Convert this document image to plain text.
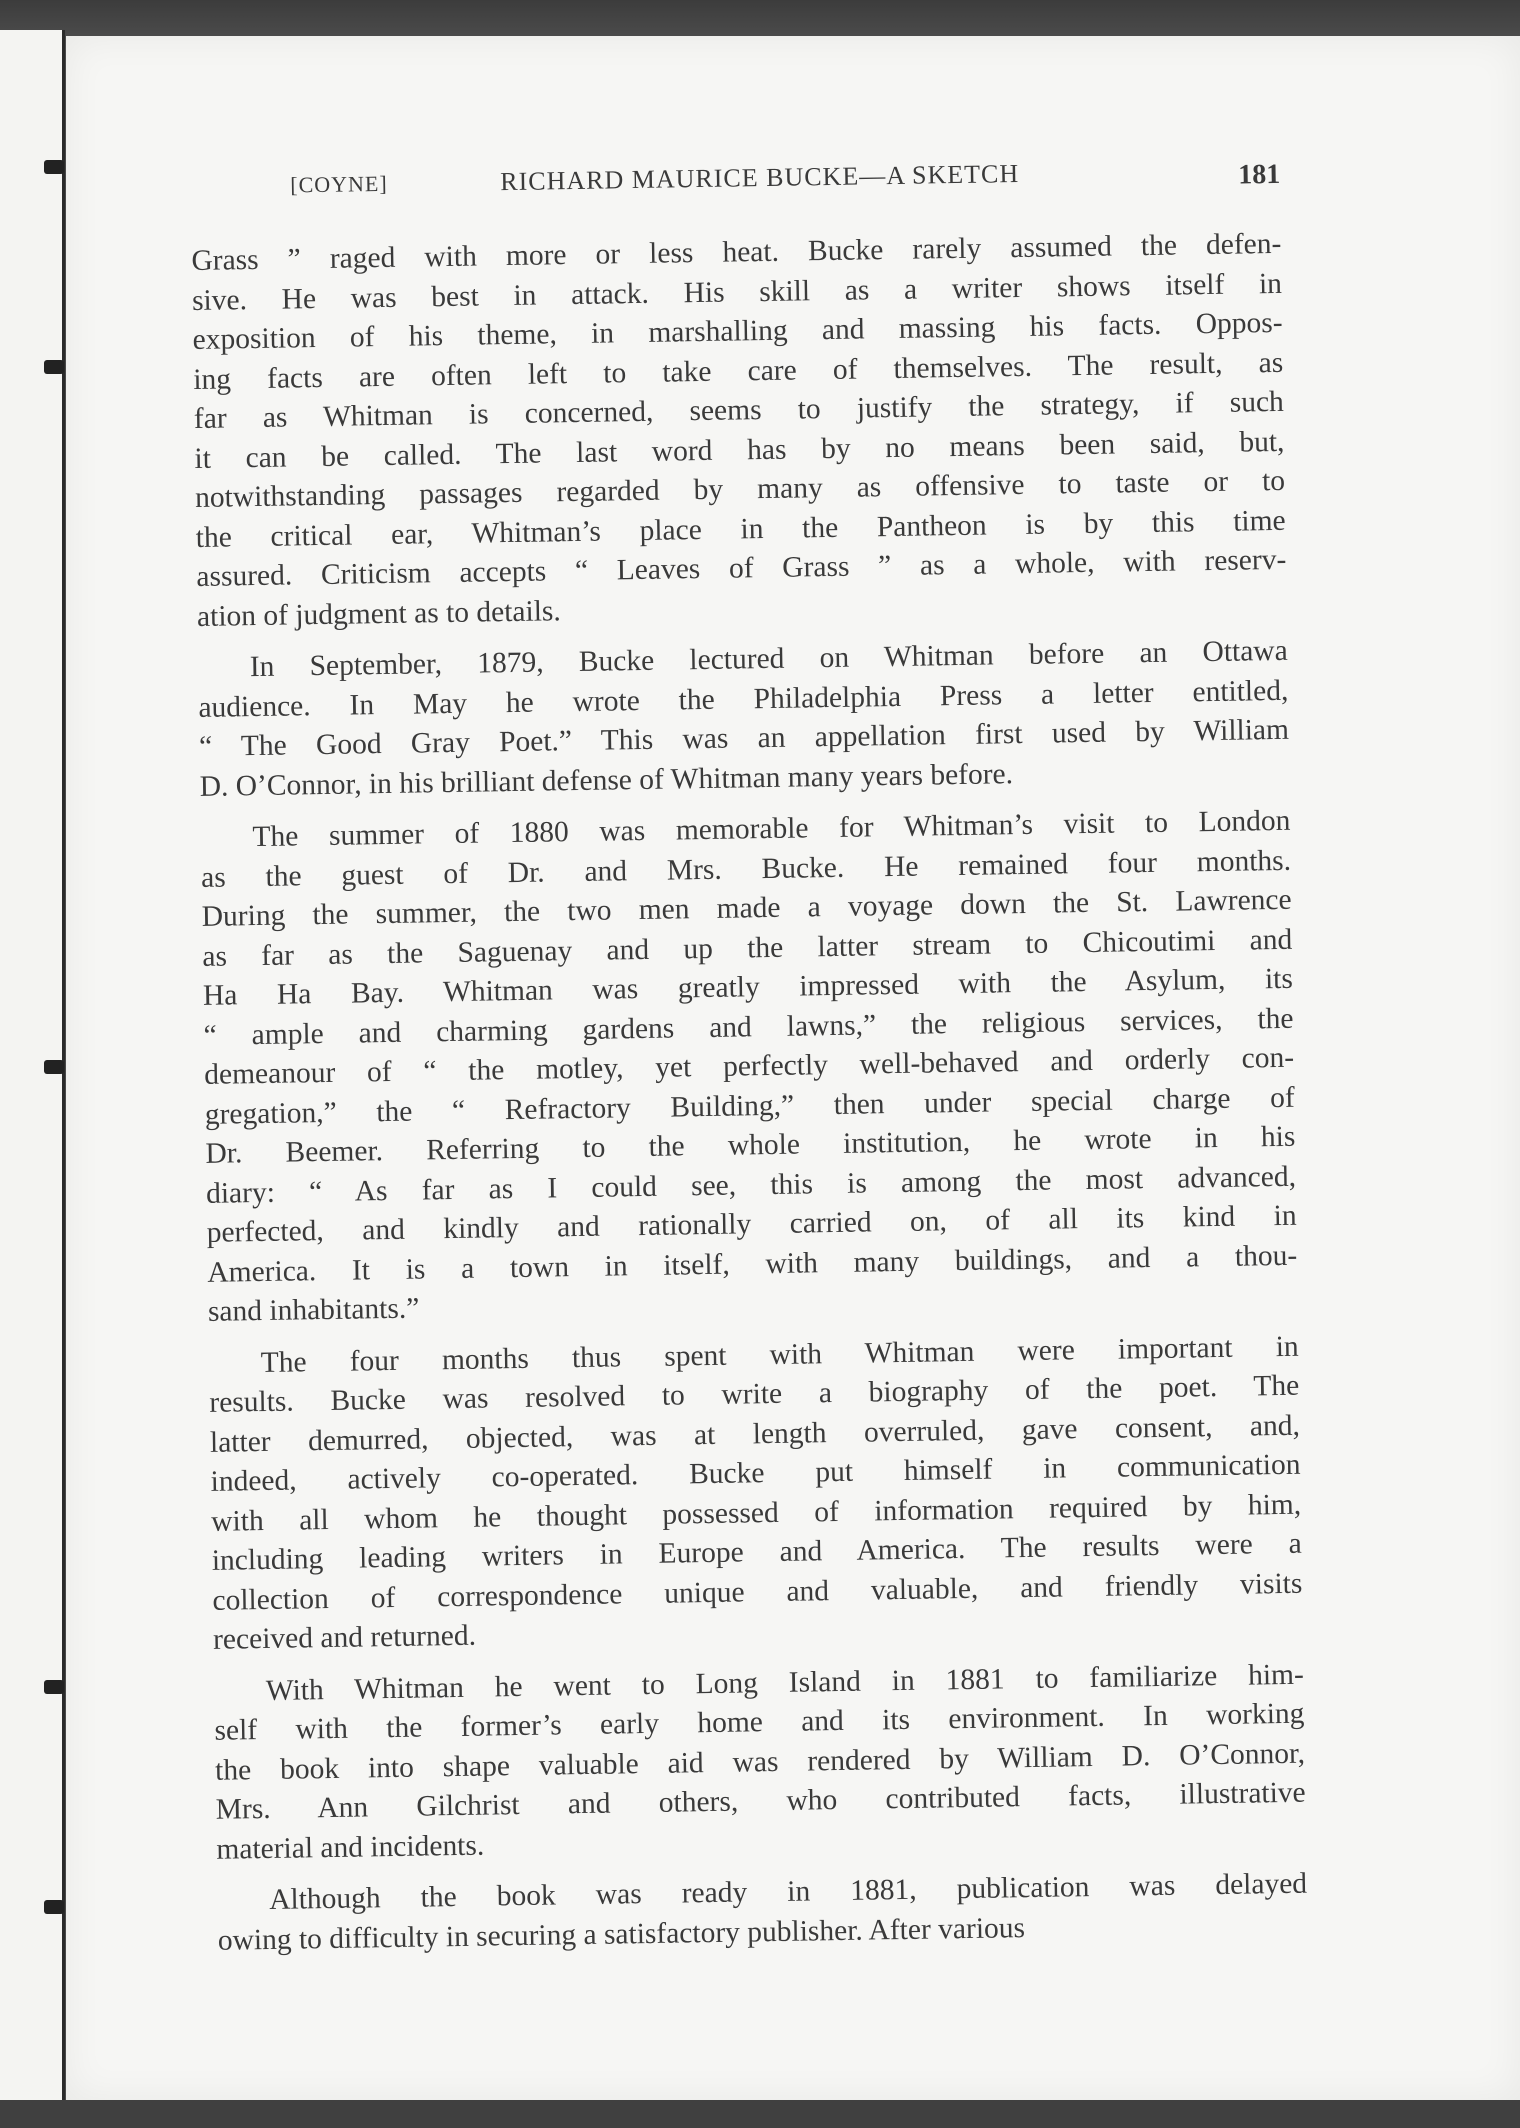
[COYNE]	RICHARD MAURICE BUCKE—A SKETCH	181

Grass ” raged with more or less heat. Bucke rarely assumed the defen-
sive. He was best in attack. His skill as a writer shows itself in
exposition of his theme, in marshalling and massing his facts. Oppos-
ing facts are often left to take care of themselves. The result, as
far as Whitman is concerned, seems to justify the strategy, if such
it can be called. The last word has by no means been said, but,
notwithstanding passages regarded by many as offensive to taste or to
the critical ear, Whitman’s place in the Pantheon is by this time
assured. Criticism accepts “ Leaves of Grass ” as a whole, with reserv-
ation of judgment as to details.

In September, 1879, Bucke lectured on Whitman before an Ottawa
audience. In May he wrote the Philadelphia Press a letter entitled,
“ The Good Gray Poet.” This was an appellation first used by William
D. O’Connor, in his brilliant defense of Whitman many years before.

The summer of 1880 was memorable for Whitman’s visit to London
as the guest of Dr. and Mrs. Bucke. He remained four months.
During the summer, the two men made a voyage down the St. Lawrence
as far as the Saguenay and up the latter stream to Chicoutimi and
Ha Ha Bay. Whitman was greatly impressed with the Asylum, its
“ ample and charming gardens and lawns,” the religious services, the
demeanour of “ the motley, yet perfectly well-behaved and orderly con-
gregation,” the “ Refractory Building,” then under special charge of
Dr. Beemer. Referring to the whole institution, he wrote in his
diary: “ As far as I could see, this is among the most advanced,
perfected, and kindly and rationally carried on, of all its kind in
America. It is a town in itself, with many buildings, and a thou-
sand inhabitants.”

The four months thus spent with Whitman were important in
results. Bucke was resolved to write a biography of the poet. The
latter demurred, objected, was at length overruled, gave consent, and,
indeed, actively co-operated. Bucke put himself in communication
with all whom he thought possessed of information required by him,
including leading writers in Europe and America. The results were a
collection of correspondence unique and valuable, and friendly visits
received and returned.

With Whitman he went to Long Island in 1881 to familiarize him-
self with the former’s early home and its environment. In working
the book into shape valuable aid was rendered by William D. O’Connor,
Mrs. Ann Gilchrist and others, who contributed facts, illustrative
material and incidents.

Although the book was ready in 1881, publication was delayed
owing to difficulty in securing a satisfactory publisher. After various
